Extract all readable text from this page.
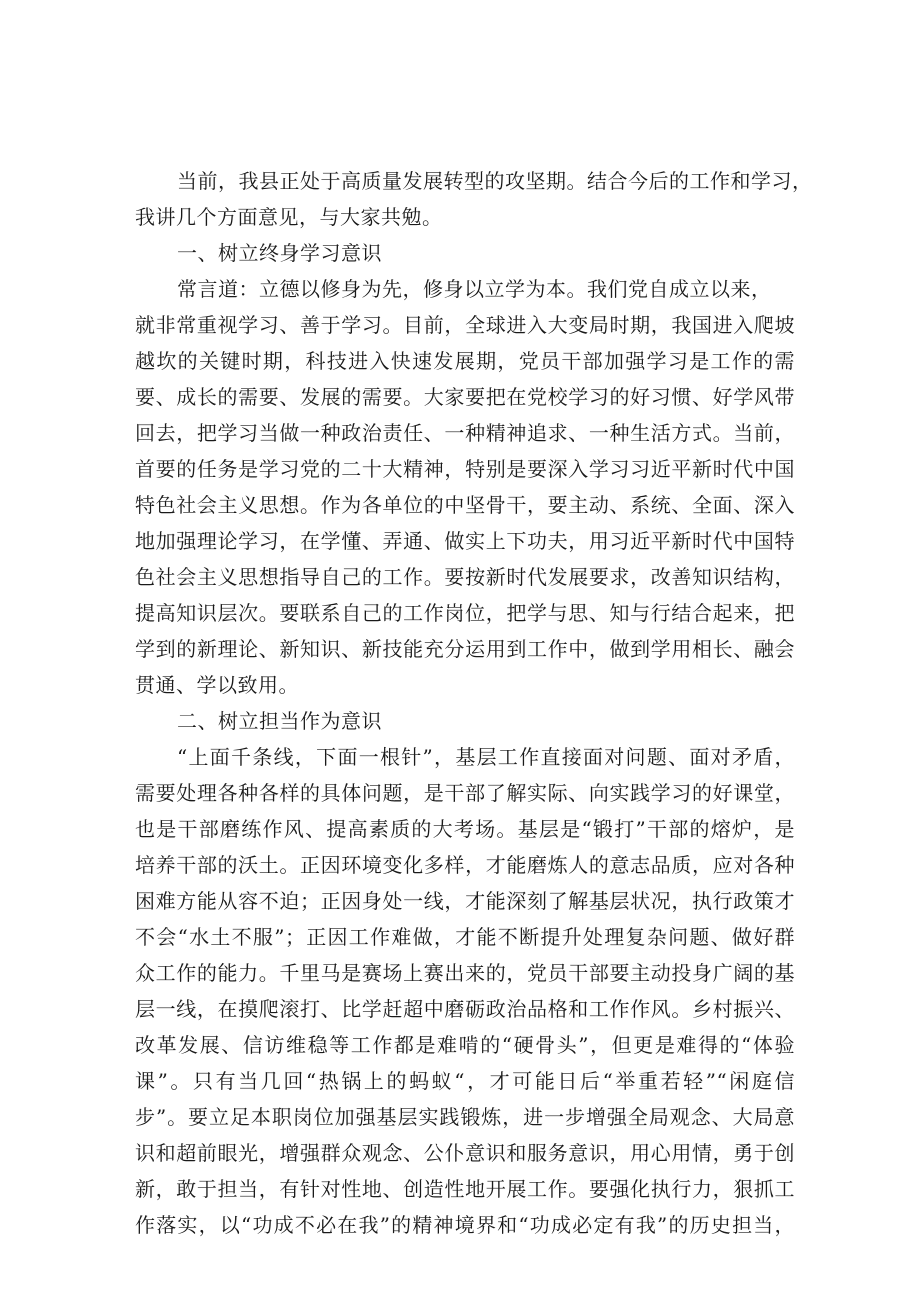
当前，我县正处于高质量发展转型的攻坚期。结合今后的工作和学习，
我讲几个方面意见，与大家共勉。
一、树立终身学习意识
常言道：立德以修身为先，修身以立学为本。我们党自成立以来，
就非常重视学习、善于学习。目前，全球进入大变局时期，我国进入爬坡
越坎的关键时期，科技进入快速发展期，党员干部加强学习是工作的需
要、成长的需要、发展的需要。大家要把在党校学习的好习惯、好学风带
回去，把学习当做一种政治责任、一种精神追求、一种生活方式。当前，
首要的任务是学习党的二十大精神，特别是要深入学习习近平新时代中国
特色社会主义思想。作为各单位的中坚骨干，要主动、系统、全面、深入
地加强理论学习，在学懂、弄通、做实上下功夫，用习近平新时代中国特
色社会主义思想指导自己的工作。要按新时代发展要求，改善知识结构，
提高知识层次。要联系自己的工作岗位，把学与思、知与行结合起来，把
学到的新理论、新知识、新技能充分运用到工作中，做到学用相长、融会
贯通、学以致用。
二、树立担当作为意识
“上面千条线，下面一根针”，基层工作直接面对问题、面对矛盾，
需要处理各种各样的具体问题，是干部了解实际、向实践学习的好课堂，
也是干部磨练作风、提高素质的大考场。基层是“锻打”干部的熔炉，是
培养干部的沃土。正因环境变化多样，才能磨炼人的意志品质，应对各种
困难方能从容不迫；正因身处一线，才能深刻了解基层状况，执行政策才
不会“水土不服”；正因工作难做，才能不断提升处理复杂问题、做好群
众工作的能力。千里马是赛场上赛出来的，党员干部要主动投身广阔的基
层一线，在摸爬滚打、比学赶超中磨砺政治品格和工作作风。乡村振兴、
改革发展、信访维稳等工作都是难啃的“硬骨头”，但更是难得的“体验
课”。只有当几回“热锅上的蚂蚁“，才可能日后“举重若轻”“闲庭信
步”。要立足本职岗位加强基层实践锻炼，进一步增强全局观念、大局意
识和超前眼光，增强群众观念、公仆意识和服务意识，用心用情，勇于创
新，敢于担当，有针对性地、创造性地开展工作。要强化执行力，狠抓工
作落实，以“功成不必在我”的精神境界和“功成必定有我”的历史担当，
